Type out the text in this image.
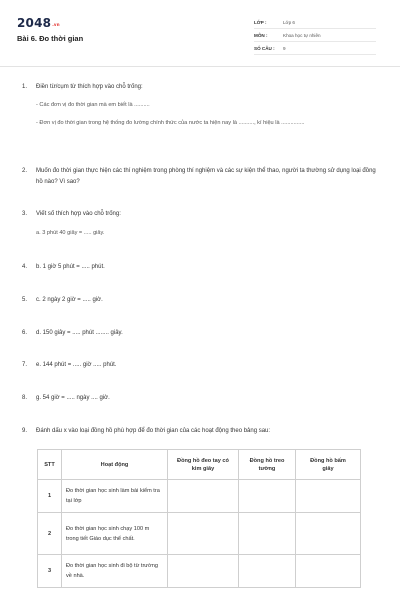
2048.vn
Bài 6. Đo thời gian
LỚP :	Lớp 6
MÔN :	Khoa học tự nhiên
SỐ CÂU :	9
1. Điền từ/cụm từ thích hợp vào chỗ trống:
- Các đơn vị đo thời gian mà em biết là ..........
- Đơn vị đo thời gian trong hệ thống đo lường chính thức của nước ta hiện nay là .........., kí hiệu là ...............
2. Muốn đo thời gian thực hiện các thí nghiệm trong phòng thí nghiệm và các sự kiện thể thao, người ta thường sử dụng loại đồng hồ nào? Vì sao?
3. Viết số thích hợp vào chỗ trống:
a. 3 phút 40 giây = ..... giây.
4. b. 1 giờ 5 phút = ..... phút.
5. c. 2 ngày 2 giờ = ..... giờ.
6. d. 150 giây = ..... phút ........ giây.
7. e. 144 phút = ..... giờ ..... phút.
8. g. 54 giờ = ..... ngày .... giờ.
9. Đánh dấu x vào loại đồng hồ phù hợp để đo thời gian của các hoạt động theo bảng sau:
STT	Hoạt động	Đồng hồ đeo tay có kim giây	Đồng hồ treo tường	Đồng hồ bấm giây
1	Đo thời gian học sinh làm bài kiểm tra tại lớp			
2	Đo thời gian học sinh chạy 100 m trong tiết Giáo dục thể chất.			
3	Đo thời gian học sinh đi bộ từ trường về nhà.			
